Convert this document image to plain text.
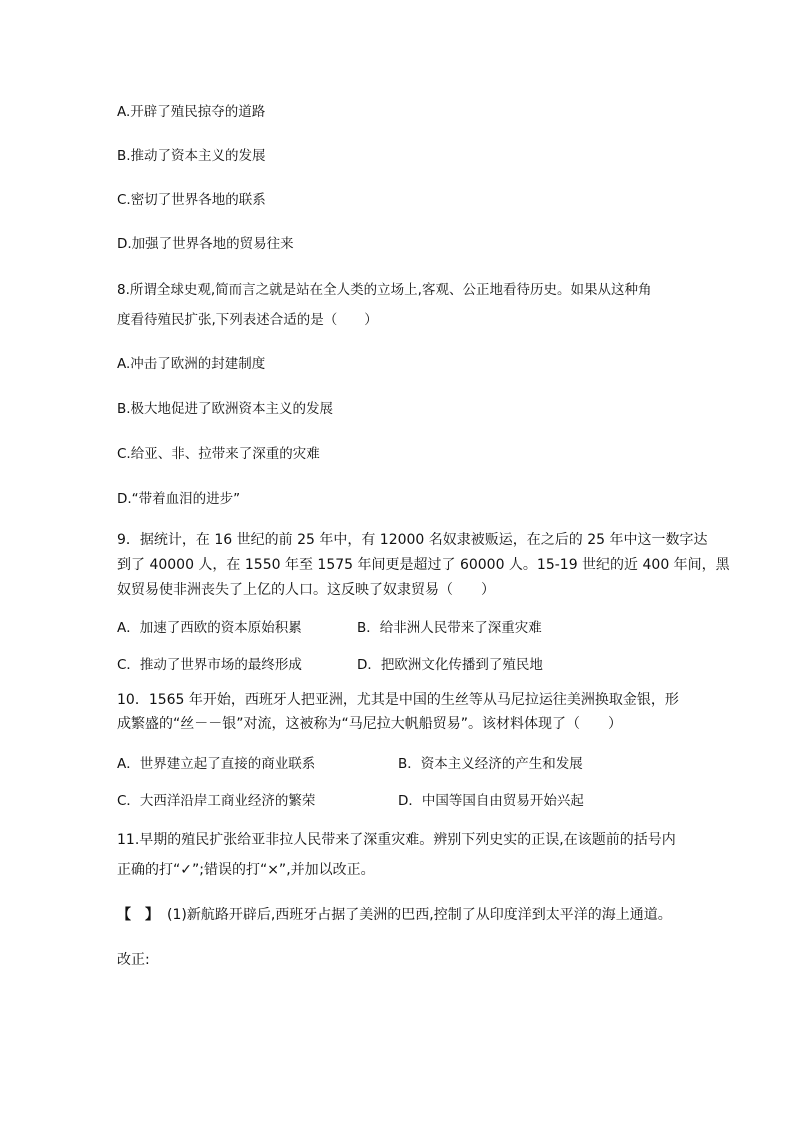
A.开辟了殖民掠夺的道路
B.推动了资本主义的发展
C.密切了世界各地的联系
D.加强了世界各地的贸易往来
8.所谓全球史观,简而言之就是站在全人类的立场上,客观、公正地看待历史。如果从这种角
度看待殖民扩张,下列表述合适的是（　　）
A.冲击了欧洲的封建制度
B.极大地促进了欧洲资本主义的发展
C.给亚、非、拉带来了深重的灾难
D.“带着血泪的进步”
9．据统计，在 16 世纪的前 25 年中，有 12000 名奴隶被贩运，在之后的 25 年中这一数字达
到了 40000 人，在 1550 年至 1575 年间更是超过了 60000 人。15-19 世纪的近 400 年间，黑
奴贸易使非洲丧失了上亿的人口。这反映了奴隶贸易（　　）
A．加速了西欧的资本原始积累	B．给非洲人民带来了深重灾难
C．推动了世界市场的最终形成	D．把欧洲文化传播到了殖民地
10．1565 年开始，西班牙人把亚洲，尤其是中国的生丝等从马尼拉运往美洲换取金银，形
成繁盛的“丝－－银”对流，这被称为“马尼拉大帆船贸易”。该材料体现了（　　）
A．世界建立起了直接的商业联系	B．资本主义经济的产生和发展
C．大西洋沿岸工商业经济的繁荣	D．中国等国自由贸易开始兴起
11.早期的殖民扩张给亚非拉人民带来了深重灾难。辨别下列史实的正误,在该题前的括号内
正确的打“✓”;错误的打“×”,并加以改正。
【　】 (1)新航路开辟后,西班牙占据了美洲的巴西,控制了从印度洋到太平洋的海上通道。
改正:
